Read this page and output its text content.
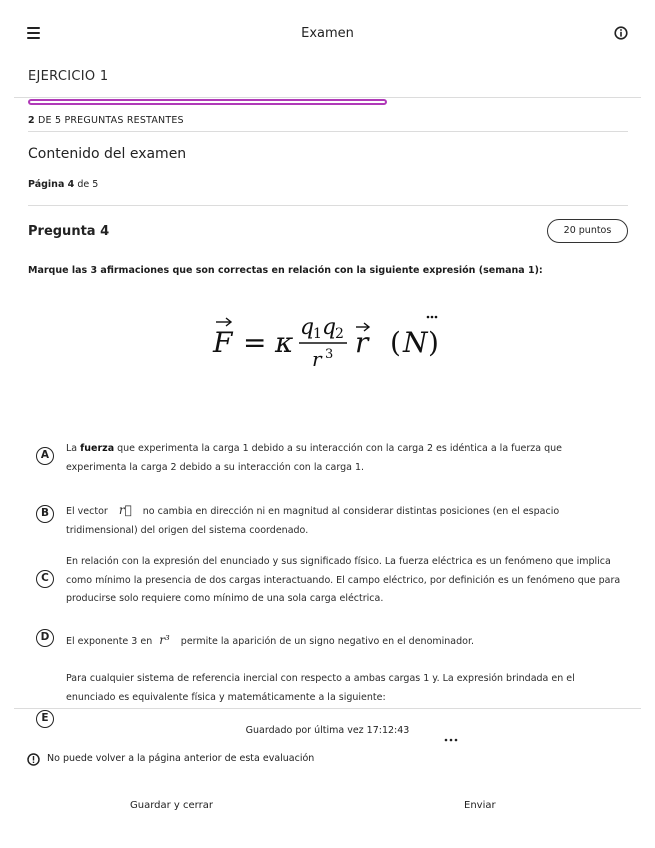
Examen
EJERCICIO 1
2 DE 5 PREGUNTAS RESTANTES
Contenido del examen
Página 4 de 5
Pregunta 4	20 puntos
Marque las 3 afirmaciones que son correctas en relación con la siguiente expresión (semana 1):
F = κ q
1 q
2
r 3 r ( N )
A
La fuerza que experimenta la carga 1 debido a su interacción con la carga 2 es idéntica a la fuerza que experimenta la carga 2 debido a su interacción con la carga 1.
B	El vector r⃗ no cambia en dirección ni en magnitud al considerar distintas posiciones (en el espacio tridimensional) del origen del sistema coordenado.
C
En relación con la expresión del enunciado y sus significado físico. La fuerza eléctrica es un fenómeno que implica como mínimo la presencia de dos cargas interactuando. El campo eléctrico, por definición es un fenómeno que para producirse solo requiere como mínimo de una sola carga eléctrica.
D	El exponente 3 en r³ permite la aparición de un signo negativo en el denominador.
E
Para cualquier sistema de referencia inercial con respecto a ambas cargas 1 y. La expresión brindada en el enunciado es equivalente física y matemáticamente a la siguiente:
Guardado por última vez 17:12:43
No puede volver a la página anterior de esta evaluación
Guardar y cerrar	Enviar
